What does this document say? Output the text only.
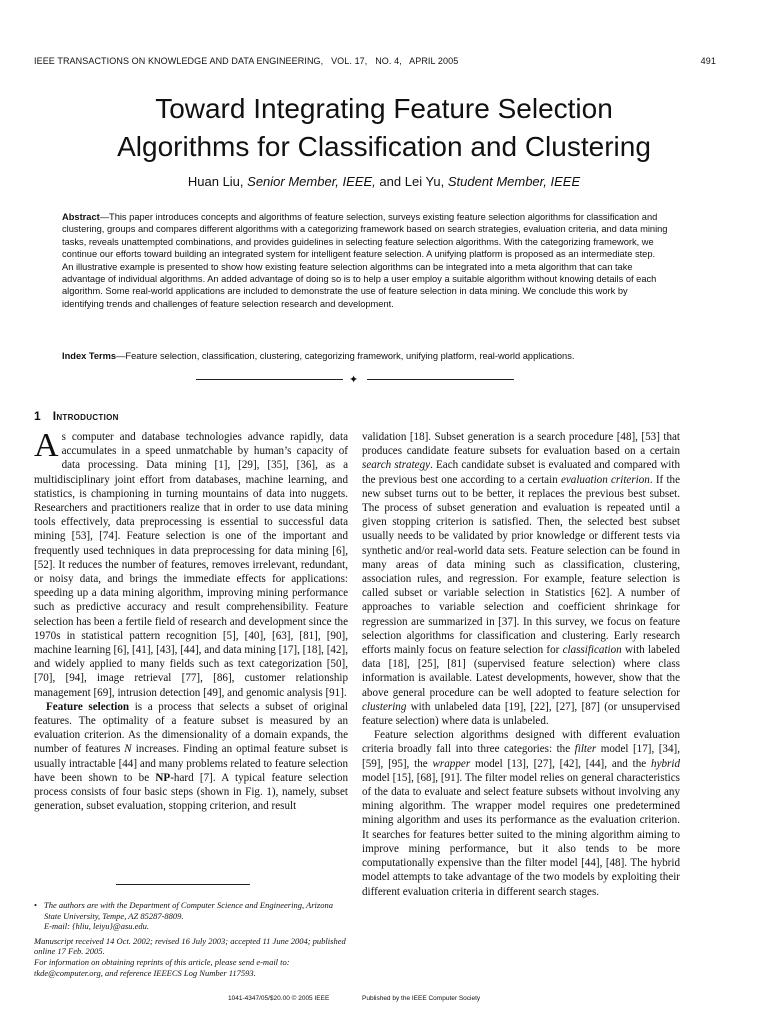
IEEE TRANSACTIONS ON KNOWLEDGE AND DATA ENGINEERING, VOL. 17, NO. 4, APRIL 2005	491
Toward Integrating Feature Selection
Algorithms for Classification and Clustering
Huan Liu, Senior Member, IEEE, and Lei Yu, Student Member, IEEE
Abstract—This paper introduces concepts and algorithms of feature selection, surveys existing feature selection algorithms for classification and clustering, groups and compares different algorithms with a categorizing framework based on search strategies, evaluation criteria, and data mining tasks, reveals unattempted combinations, and provides guidelines in selecting feature selection algorithms. With the categorizing framework, we continue our efforts toward building an integrated system for intelligent feature selection. A unifying platform is proposed as an intermediate step. An illustrative example is presented to show how existing feature selection algorithms can be integrated into a meta algorithm that can take advantage of individual algorithms. An added advantage of doing so is to help a user employ a suitable algorithm without knowing details of each algorithm. Some real-world applications are included to demonstrate the use of feature selection in data mining. We conclude this work by identifying trends and challenges of feature selection research and development.
Index Terms—Feature selection, classification, clustering, categorizing framework, unifying platform, real-world applications.
✦
1 Introduction

As computer and database technologies advance rapidly, data accumulates in a speed unmatchable by human’s capacity of data processing. Data mining [1], [29], [35], [36], as a multidisciplinary joint effort from databases, machine learning, and statistics, is championing in turning mountains of data into nuggets. Researchers and practitioners realize that in order to use data mining tools effectively, data preprocessing is essential to successful data mining [53], [74]. Feature selection is one of the important and frequently used techniques in data preprocessing for data mining [6], [52]. It reduces the number of features, removes irrelevant, redundant, or noisy data, and brings the immediate effects for applications: speeding up a data mining algorithm, improving mining performance such as predictive accuracy and result comprehensibility. Feature selection has been a fertile field of research and development since the 1970s in statistical pattern recognition [5], [40], [63], [81], [90], machine learning [6], [41], [43], [44], and data mining [17], [18], [42], and widely applied to many fields such as text categorization [50], [70], [94], image retrieval [77], [86], customer relationship management [69], intrusion detection [49], and genomic analysis [91].

Feature selection is a process that selects a subset of original features. The optimality of a feature subset is measured by an evaluation criterion. As the dimensionality of a domain expands, the number of features N increases. Finding an optimal feature subset is usually intractable [44] and many problems related to feature selection have been shown to be NP-hard [7]. A typical feature selection process consists of four basic steps (shown in Fig. 1), namely, subset generation, subset evaluation, stopping criterion, and result

validation [18]. Subset generation is a search procedure [48], [53] that produces candidate feature subsets for evaluation based on a certain search strategy. Each candidate subset is evaluated and compared with the previous best one according to a certain evaluation criterion. If the new subset turns out to be better, it replaces the previous best subset. The process of subset generation and evaluation is repeated until a given stopping criterion is satisfied. Then, the selected best subset usually needs to be validated by prior knowledge or different tests via synthetic and/or real-world data sets. Feature selection can be found in many areas of data mining such as classification, clustering, association rules, and regression. For example, feature selection is called subset or variable selection in Statistics [62]. A number of approaches to variable selection and coefficient shrinkage for regression are summarized in [37]. In this survey, we focus on feature selection algorithms for classification and clustering. Early research efforts mainly focus on feature selection for classification with labeled data [18], [25], [81] (supervised feature selection) where class information is available. Latest developments, however, show that the above general procedure can be well adopted to feature selection for clustering with unlabeled data [19], [22], [27], [87] (or unsupervised feature selection) where data is unlabeled.

Feature selection algorithms designed with different evaluation criteria broadly fall into three categories: the filter model [17], [34], [59], [95], the wrapper model [13], [27], [42], [44], and the hybrid model [15], [68], [91]. The filter model relies on general characteristics of the data to evaluate and select feature subsets without involving any mining algorithm. The wrapper model requires one predetermined mining algorithm and uses its performance as the evaluation criterion. It searches for features better suited to the mining algorithm aiming to improve mining performance, but it also tends to be more computationally expensive than the filter model [44], [48]. The hybrid model attempts to take advantage of the two models by exploiting their different evaluation criteria in different search stages.

• The authors are with the Department of Computer Science and Engineering, Arizona State University, Tempe, AZ 85287-8809.
E-mail: {hliu, leiyu}@asu.edu.
Manuscript received 14 Oct. 2002; revised 16 July 2003; accepted 11 June 2004; published online 17 Feb. 2005.
For information on obtaining reprints of this article, please send e-mail to: tkde@computer.org, and reference IEEECS Log Number 117593.
1041-4347/05/$20.00 © 2005 IEEE	Published by the IEEE Computer Society
